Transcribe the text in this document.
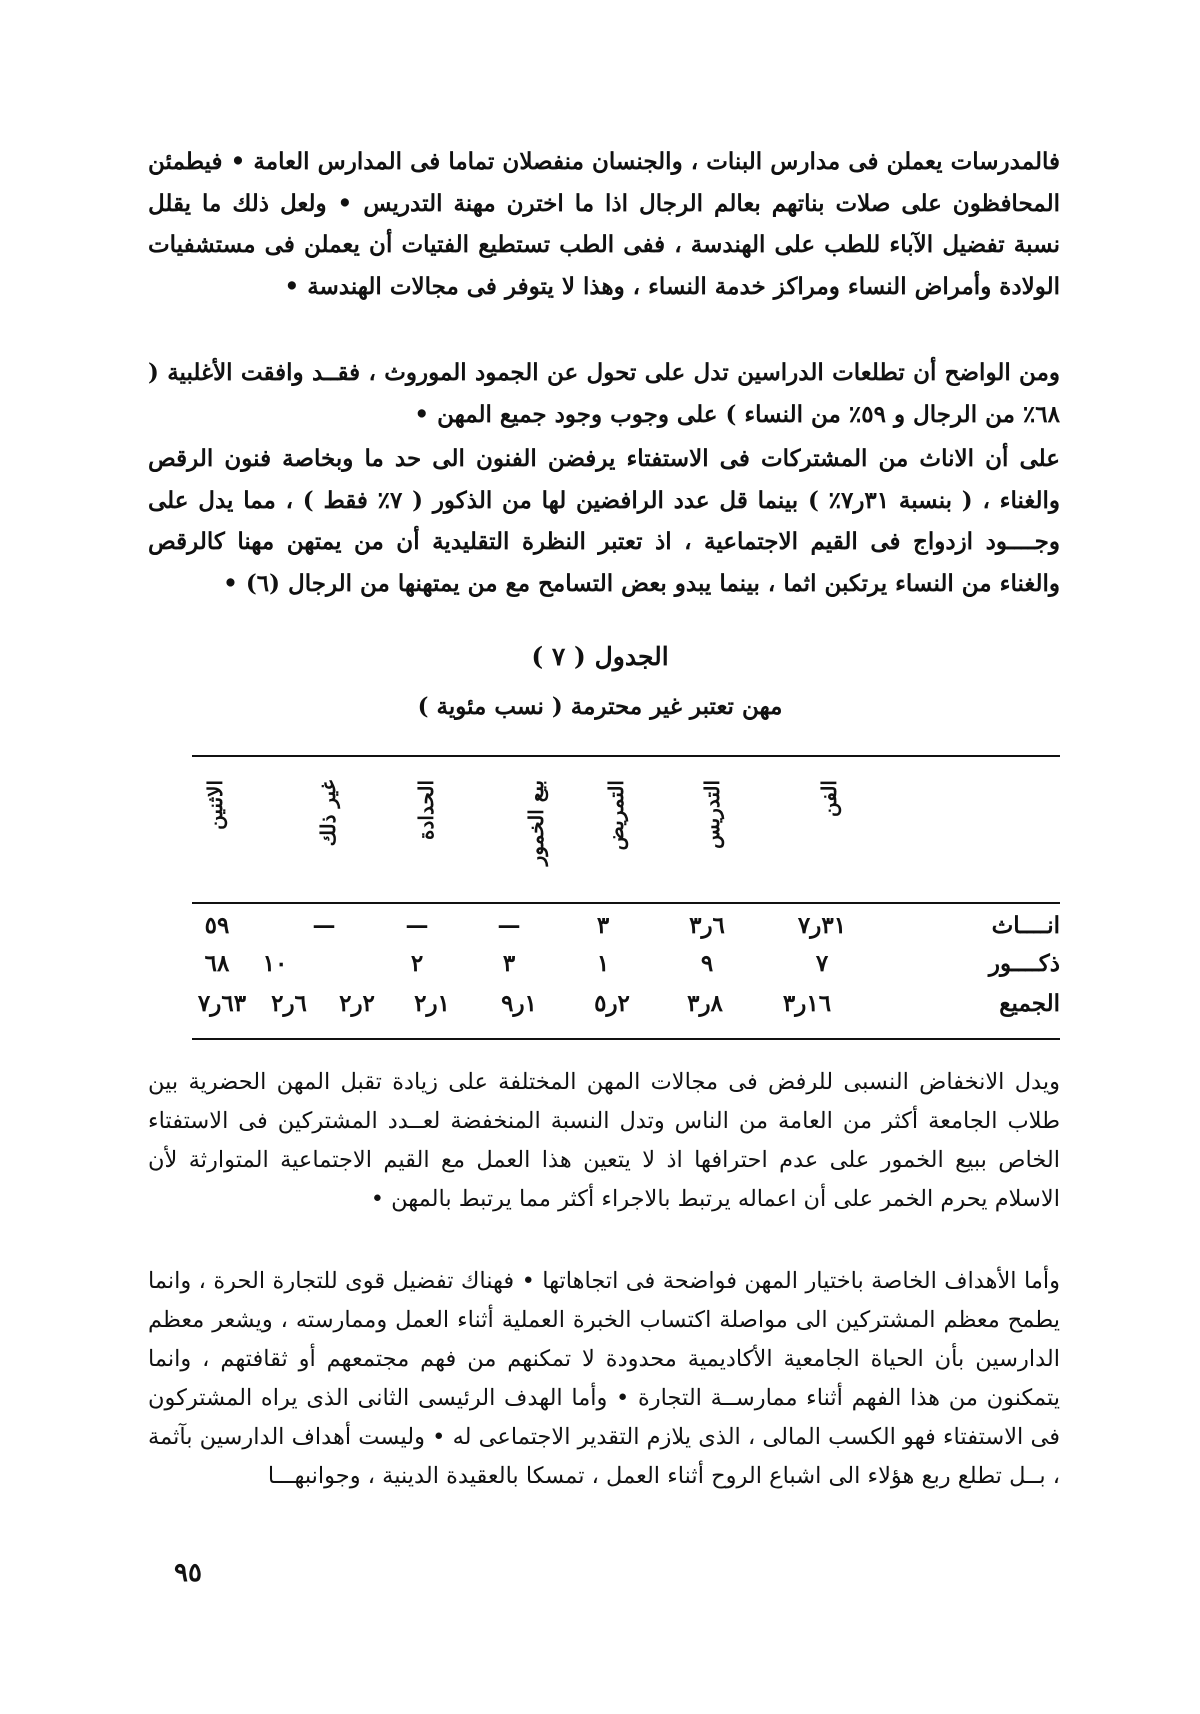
فالمدرسات يعملن فى مدارس البنات ، والجنسان منفصلان تماما فى المدارس العامة • فيطمئن المحافظون على صلات بناتهم بعالم الرجال اذا ما اخترن مهنة التدريس • ولعل ذلك ما يقلل نسبة تفضيل الآباء للطب على الهندسة ، ففى الطب تستطيع الفتيات أن يعملن فى مستشفيات الولادة وأمراض النساء ومراكز خدمة النساء ، وهذا لا يتوفر فى مجالات الهندسة •

ومن الواضح أن تطلعات الدراسين تدل على تحول عن الجمود الموروث ، فقــد وافقت الأغلبية ( ٦٨٪ من الرجال و ٥٩٪ من النساء ) على وجوب وجود جميع المهن •

على أن الاناث من المشتركات فى الاستفتاء يرفضن الفنون الى حد ما وبخاصة فنون الرقص والغناء ، ( بنسبة ٣١ر٧٪ ) بينما قل عدد الرافضين لها من الذكور ( ٧٪ فقط ) ، مما يدل على وجــــود ازدواج فى القيم الاجتماعية ، اذ تعتبر النظرة التقليدية أن من يمتهن مهنا كالرقص والغناء من النساء يرتكبن اثما ، بينما يبدو بعض التسامح مع من يمتهنها من الرجال (٦) •

الجدول ( ٧ )
مهن تعتبر غير محترمة ( نسب مئوية )
الفن
التدريس
التمريض
بيع الخمور
الحدادة
غير ذلك
الاثنين
انــــاث
٣١ر٧
٦ر٣
٣
—
—
—
٥٩
ذكــــور
٧
٩
١
٣
٢
١٠
٦٨
الجميع
١٦ر٣
٨ر٣
٢ر٥
١ر٩
١ر٢
٢ر٢
٦ر٢
٦٣ر٧

ويدل الانخفاض النسبى للرفض فى مجالات المهن المختلفة على زيادة تقبل المهن الحضرية بين طلاب الجامعة أكثر من العامة من الناس وتدل النسبة المنخفضة لعــدد المشتركين فى الاستفتاء الخاص ببيع الخمور على عدم احترافها اذ لا يتعين هذا العمل مع القيم الاجتماعية المتوارثة لأن الاسلام يحرم الخمر على أن اعماله يرتبط بالاجراء أكثر مما يرتبط بالمهن •

وأما الأهداف الخاصة باختيار المهن فواضحة فى اتجاهاتها • فهناك تفضيل قوى للتجارة الحرة ، وانما يطمح معظم المشتركين الى مواصلة اكتساب الخبرة العملية أثناء العمل وممارسته ، ويشعر معظم الدارسين بأن الحياة الجامعية الأكاديمية محدودة لا تمكنهم من فهم مجتمعهم أو ثقافتهم ، وانما يتمكنون من هذا الفهم أثناء ممارســة التجارة • وأما الهدف الرئيسى الثانى الذى يراه المشتركون فى الاستفتاء فهو الكسب المالى ، الذى يلازم التقدير الاجتماعى له • وليست أهداف الدارسين بآثمة ، بــل تطلع ربع هؤلاء الى اشباع الروح أثناء العمل ، تمسكا بالعقيدة الدينية ، وجوانبهـــا

٩٥
